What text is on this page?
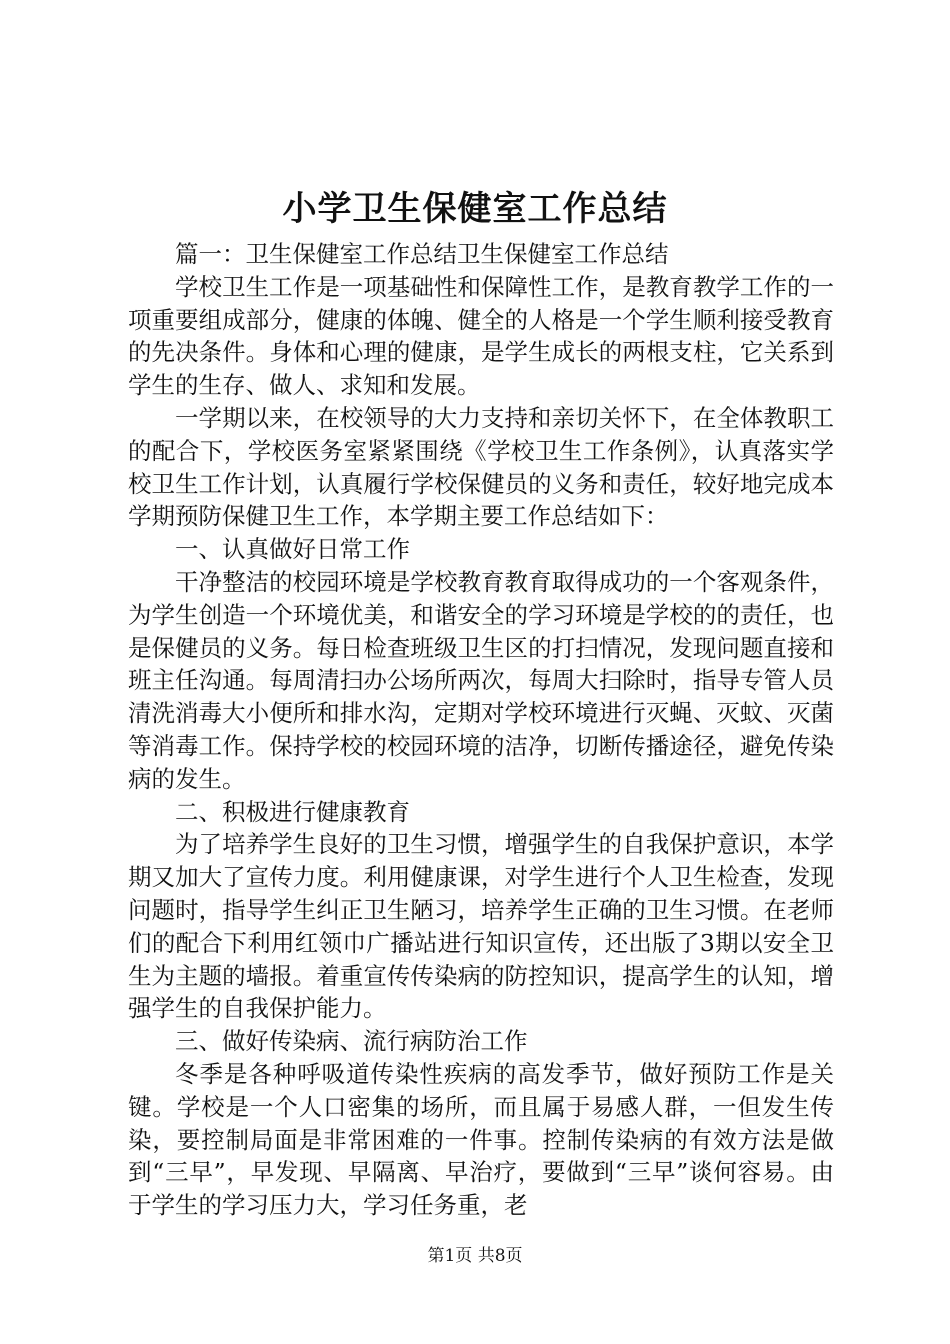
小学卫生保健室工作总结

篇一：卫生保健室工作总结卫生保健室工作总结

学校卫生工作是一项基础性和保障性工作，是教育教学工作的一项重要组成部分，健康的体魄、健全的人格是一个学生顺利接受教育的先决条件。身体和心理的健康，是学生成长的两根支柱，它关系到学生的生存、做人、求知和发展。

一学期以来，在校领导的大力支持和亲切关怀下，在全体教职工的配合下，学校医务室紧紧围绕《学校卫生工作条例》，认真落实学校卫生工作计划，认真履行学校保健员的义务和责任，较好地完成本学期预防保健卫生工作，本学期主要工作总结如下：

一、认真做好日常工作

干净整洁的校园环境是学校教育教育取得成功的一个客观条件，为学生创造一个环境优美，和谐安全的学习环境是学校的的责任，也是保健员的义务。每日检查班级卫生区的打扫情况，发现问题直接和班主任沟通。每周清扫办公场所两次，每周大扫除时，指导专管人员清洗消毒大小便所和排水沟，定期对学校环境进行灭蝇、灭蚊、灭菌等消毒工作。保持学校的校园环境的洁净，切断传播途径，避免传染病的发生。

二、积极进行健康教育

为了培养学生良好的卫生习惯，增强学生的自我保护意识，本学期又加大了宣传力度。利用健康课，对学生进行个人卫生检查，发现问题时，指导学生纠正卫生陋习，培养学生正确的卫生习惯。在老师们的配合下利用红领巾广播站进行知识宣传，还出版了3期以安全卫生为主题的墙报。着重宣传传染病的防控知识，提高学生的认知，增强学生的自我保护能力。

三、做好传染病、流行病防治工作

冬季是各种呼吸道传染性疾病的高发季节，做好预防工作是关键。学校是一个人口密集的场所，而且属于易感人群，一但发生传染，要控制局面是非常困难的一件事。控制传染病的有效方法是做到“三早”，早发现、早隔离、早治疗，要做到“三早”谈何容易。由于学生的学习压力大，学习任务重，老

第1页 共8页
